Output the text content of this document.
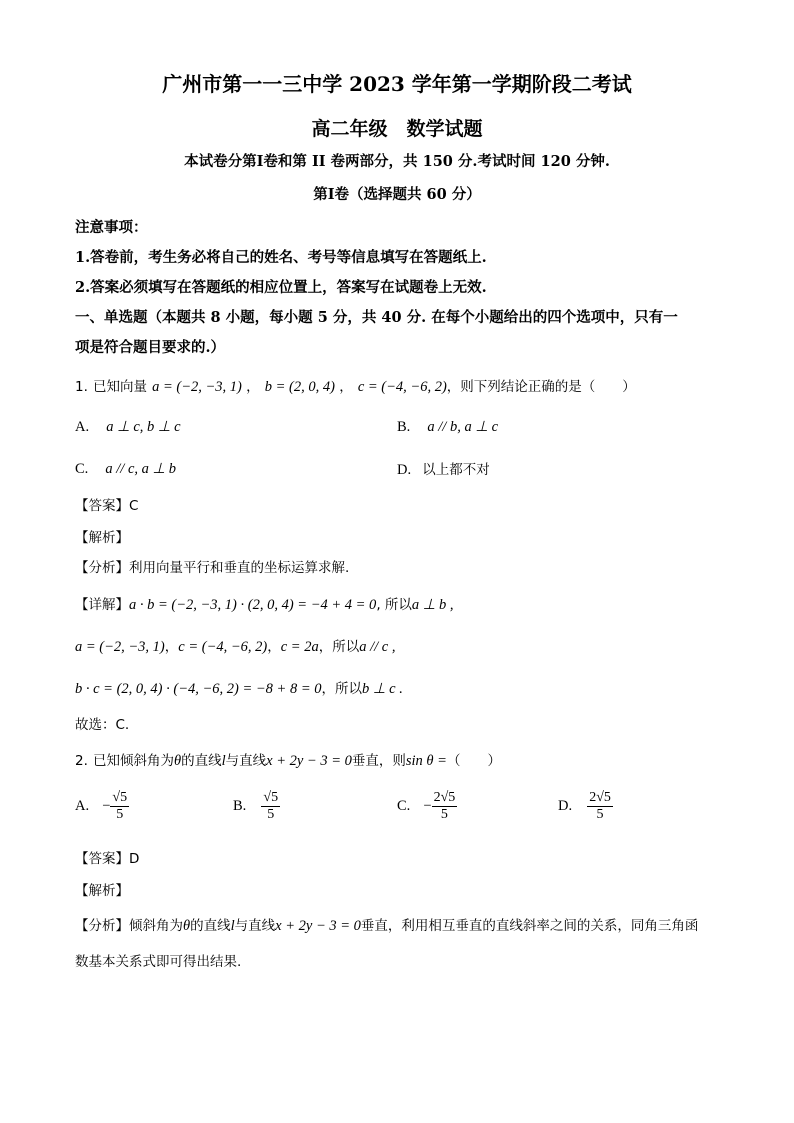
广州市第一一三中学 2023 学年第一学期阶段二考试
高二年级　数学试题
本试卷分第Ⅰ卷和第 II 卷两部分，共 150 分.考试时间 120 分钟.
第Ⅰ卷（选择题共 60 分）
注意事项：
1.答卷前，考生务必将自己的姓名、考号等信息填写在答题纸上.
2.答案必须填写在答题纸的相应位置上，答案写在试题卷上无效.
一、单选题（本题共 8 小题，每小题 5 分，共 40 分. 在每个小题给出的四个选项中，只有一
项是符合题目要求的.）
1. 已知向量 a = (−2, −3, 1) ， b = (2, 0, 4) ， c = (−4, −6, 2)，则下列结论正确的是（　　）
A. a ⊥ c, b ⊥ c	B. a // b, a ⊥ c
C. a // c, a ⊥ b	D. 以上都不对
【答案】C
【解析】
【分析】利用向量平行和垂直的坐标运算求解.
【详解】a · b = (−2, −3, 1) · (2, 0, 4) = −4 + 4 = 0, 所以a ⊥ b ,
a = (−2, −3, 1)，c = (−4, −6, 2)，c = 2a，所以a // c ,
b · c = (2, 0, 4) · (−4, −6, 2) = −8 + 8 = 0，所以b ⊥ c .
故选：C.
2. 已知倾斜角为θ的直线l与直线x + 2y − 3 = 0垂直，则sin θ =（　　）
A. − $\frac{√5}{5}$	B. $\frac{√5}{5}$	C. − $\frac{2√5}{5}$	D. $\frac{2√5}{5}$
【答案】D
【解析】
【分析】倾斜角为θ的直线l与直线x + 2y − 3 = 0垂直，利用相互垂直的直线斜率之间的关系，同角三角函
数基本关系式即可得出结果.
